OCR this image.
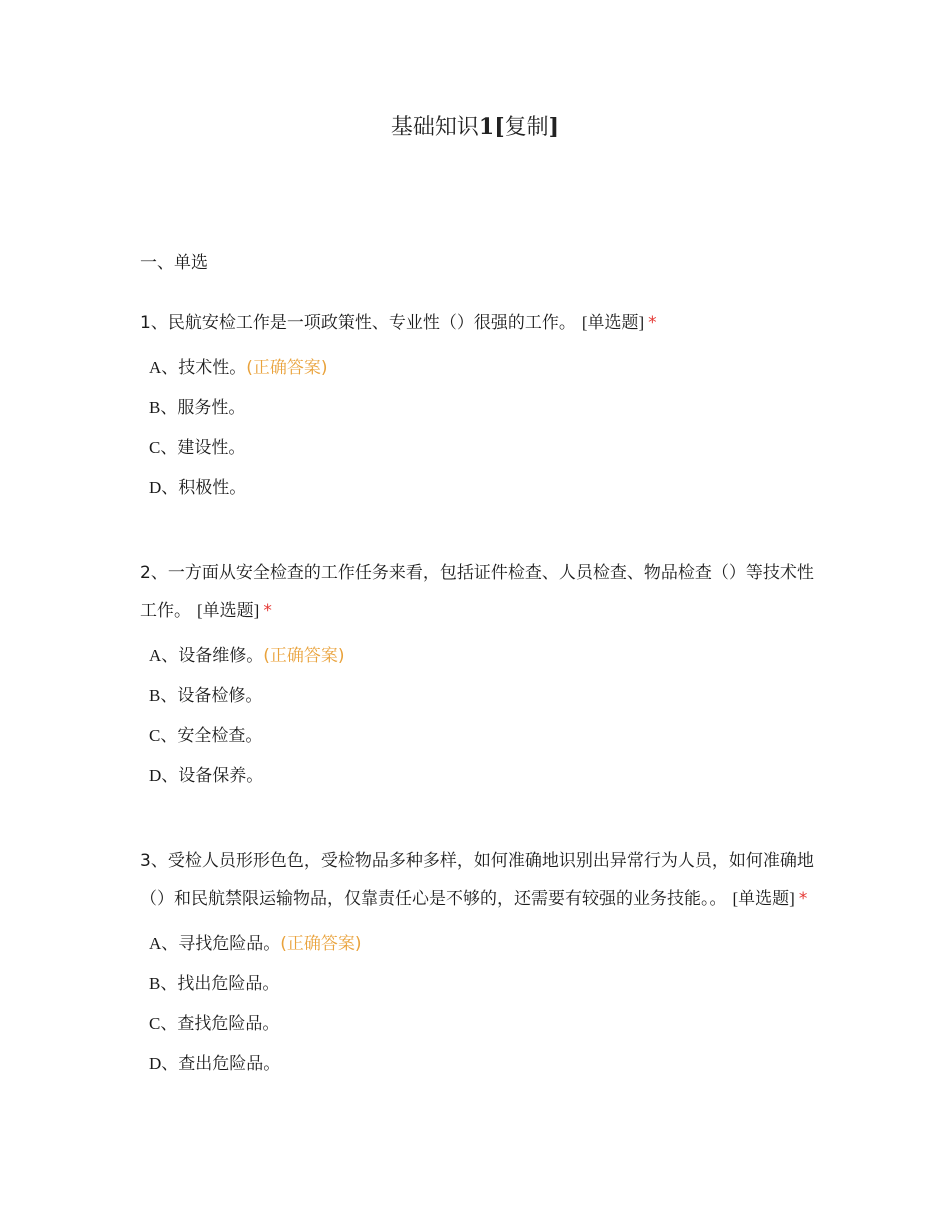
基础知识1[复制]
一、单选
1、民航安检工作是一项政策性、专业性（）很强的工作。 [单选题] *
A、技术性。(正确答案)
B、服务性。
C、建设性。
D、积极性。
2、一方面从安全检查的工作任务来看，包括证件检查、人员检查、物品检查（）等技术性工作。 [单选题] *
A、设备维修。(正确答案)
B、设备检修。
C、安全检查。
D、设备保养。
3、受检人员形形色色，受检物品多种多样，如何准确地识别出异常行为人员，如何准确地（）和民航禁限运输物品，仅靠责任心是不够的，还需要有较强的业务技能。。 [单选题] *
A、寻找危险品。(正确答案)
B、找出危险品。
C、查找危险品。
D、查出危险品。
